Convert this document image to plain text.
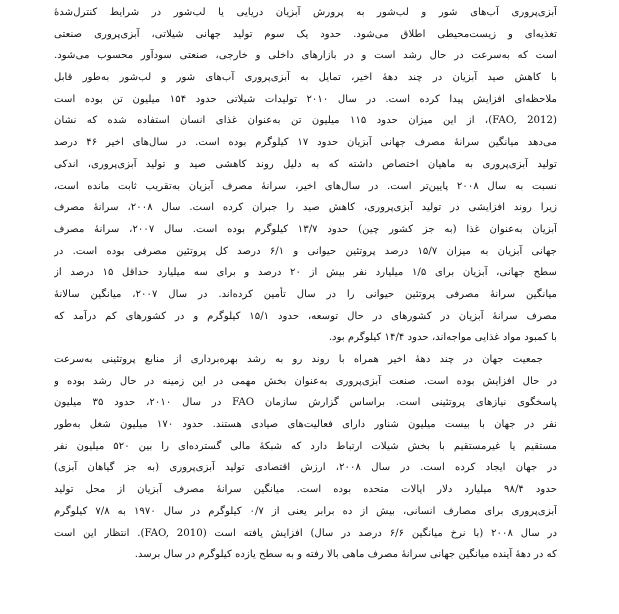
آبزی‌پروری آب‌های شور و لب‌شور به پرورش آبزیان دریایی یا لب‌شور در شرایط کنترل‌شدهٔ
تغذیه‌ای و زیست‌محیطی اطلاق می‌شود. حدود یک سوم تولید جهانی شیلاتی، آبزی‌پروری صنعتی
است که به‌سرعت در حال رشد است و در بازارهای داخلی و خارجی، صنعتی سودآور محسوب می‌شود.
با کاهش صید آبزیان در چند دههٔ اخیر، تمایل به آبزی‌پروری آب‌های شور و لب‌شور به‌طور قابل
ملاحظه‌ای افزایش پیدا کرده است. در سال ۲۰۱۰ تولیدات شیلاتی حدود ۱۵۴ میلیون تن بوده است
(FAO, 2012)، از این میزان حدود ۱۱۵ میلیون تن به‌عنوان غذای انسان استفاده شده که نشان
می‌دهد میانگین سرانهٔ مصرف جهانی آبزیان حدود ۱۷ کیلوگرم بوده است. در سال‌های اخیر ۴۶ درصد
تولید آبزی‌پروری به ماهیان اختصاص داشته که به دلیل روند کاهشی صید و تولید آبزی‌پروری، اندکی
نسبت به سال ۲۰۰۸ پایین‌تر است. در سال‌های اخیر، سرانهٔ مصرف آبزیان به‌تقریب ثابت مانده است،
زیرا روند افزایشی در تولید آبزی‌پروری، کاهش صید را جبران کرده است. سال ۲۰۰۸، سرانهٔ مصرف
آبزیان به‌عنوان غذا (به جز کشور چین) حدود ۱۳/۷ کیلوگرم بوده است. سال ۲۰۰۷، سرانهٔ مصرف
جهانی آبزیان به میزان ۱۵/۷ درصد پروتئین حیوانی و ۶/۱ درصد کل پروتئین مصرفی بوده است. در
سطح جهانی، آبزیان برای ۱/۵ میلیارد نفر بیش از ۲۰ درصد و برای سه میلیارد حداقل ۱۵ درصد از
میانگین سرانهٔ مصرفی پروتئین حیوانی را در سال تأمین کرده‌اند. در سال ۲۰۰۷، میانگین سالانهٔ
مصرف سرانهٔ آبزیان در کشورهای در حال توسعه، حدود ۱۵/۱ کیلوگرم و در کشورهای کم درآمد که
با کمبود مواد غذایی مواجه‌اند، حدود ۱۴/۴ کیلوگرم بود.
جمعیت جهان در چند دههٔ اخیر همراه با روند رو به رشد بهره‌برداری از منابع پروتئینی به‌سرعت
در حال افزایش بوده است. صنعت آبزی‌پروری به‌عنوان بخش مهمی در این زمینه در حال رشد بوده و
پاسخگوی نیازهای پروتئینی است. براساس گزارش سازمان FAO در سال ۲۰۱۰، حدود ۳۵ میلیون
نفر در جهان با بیست میلیون شناور دارای فعالیت‌های صیادی هستند. حدود ۱۷۰ میلیون شغل به‌طور
مستقیم یا غیرمستقیم با بخش شیلات ارتباط دارد که شبکهٔ مالی گسترده‌ای را بین ۵۲۰ میلیون نفر
در جهان ایجاد کرده است. در سال ۲۰۰۸، ارزش اقتصادی تولید آبزی‌پروری (به جز گیاهان آبزی)
حدود ۹۸/۴ میلیارد دلار ایالات متحده بوده است. میانگین سرانهٔ مصرف آبزیان از محل تولید
آبزی‌پروری برای مصارف انسانی، بیش از ده برابر یعنی از ۰/۷ کیلوگرم در سال ۱۹۷۰ به ۷/۸ کیلوگرم
در سال ۲۰۰۸ (با نرخ میانگین ۶/۶ درصد در سال) افزایش یافته است (FAO, 2010). انتظار این است
که در دههٔ آینده میانگین جهانی سرانهٔ مصرف ماهی بالا رفته و به سطح یازده کیلوگرم در سال برسد.
